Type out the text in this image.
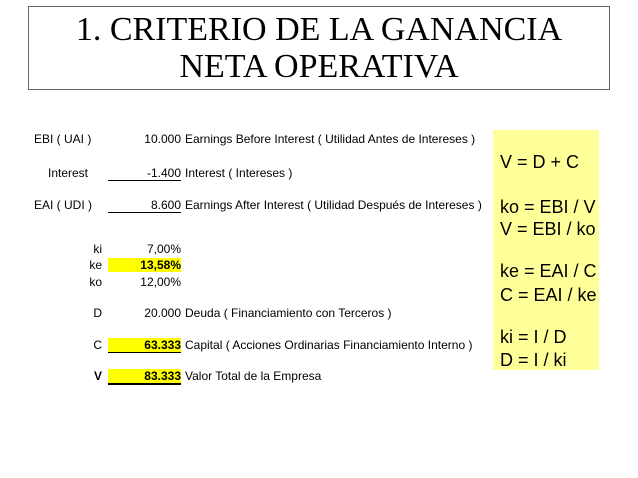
1. CRITERIO DE LA GANANCIA NETA OPERATIVA
EBI ( UAI )	10.000 Earnings Before Interest ( Utilidad Antes de Intereses )
Interest	-1.400 Interest ( Intereses )
EAI ( UDI )	8.600 Earnings After Interest ( Utilidad Después de Intereses )
ki	7,00%
ke	13,58%
ko	12,00%
D	20.000 Deuda ( Financiamiento con Terceros )
C	63.333 Capital ( Acciones Ordinarias Financiamiento Interno )
V	83.333 Valor Total de la Empresa
V = D + C
ko = EBI / V
V = EBI / ko
ke = EAI / C
C = EAI / ke
ki = I / D
D = I / ki
